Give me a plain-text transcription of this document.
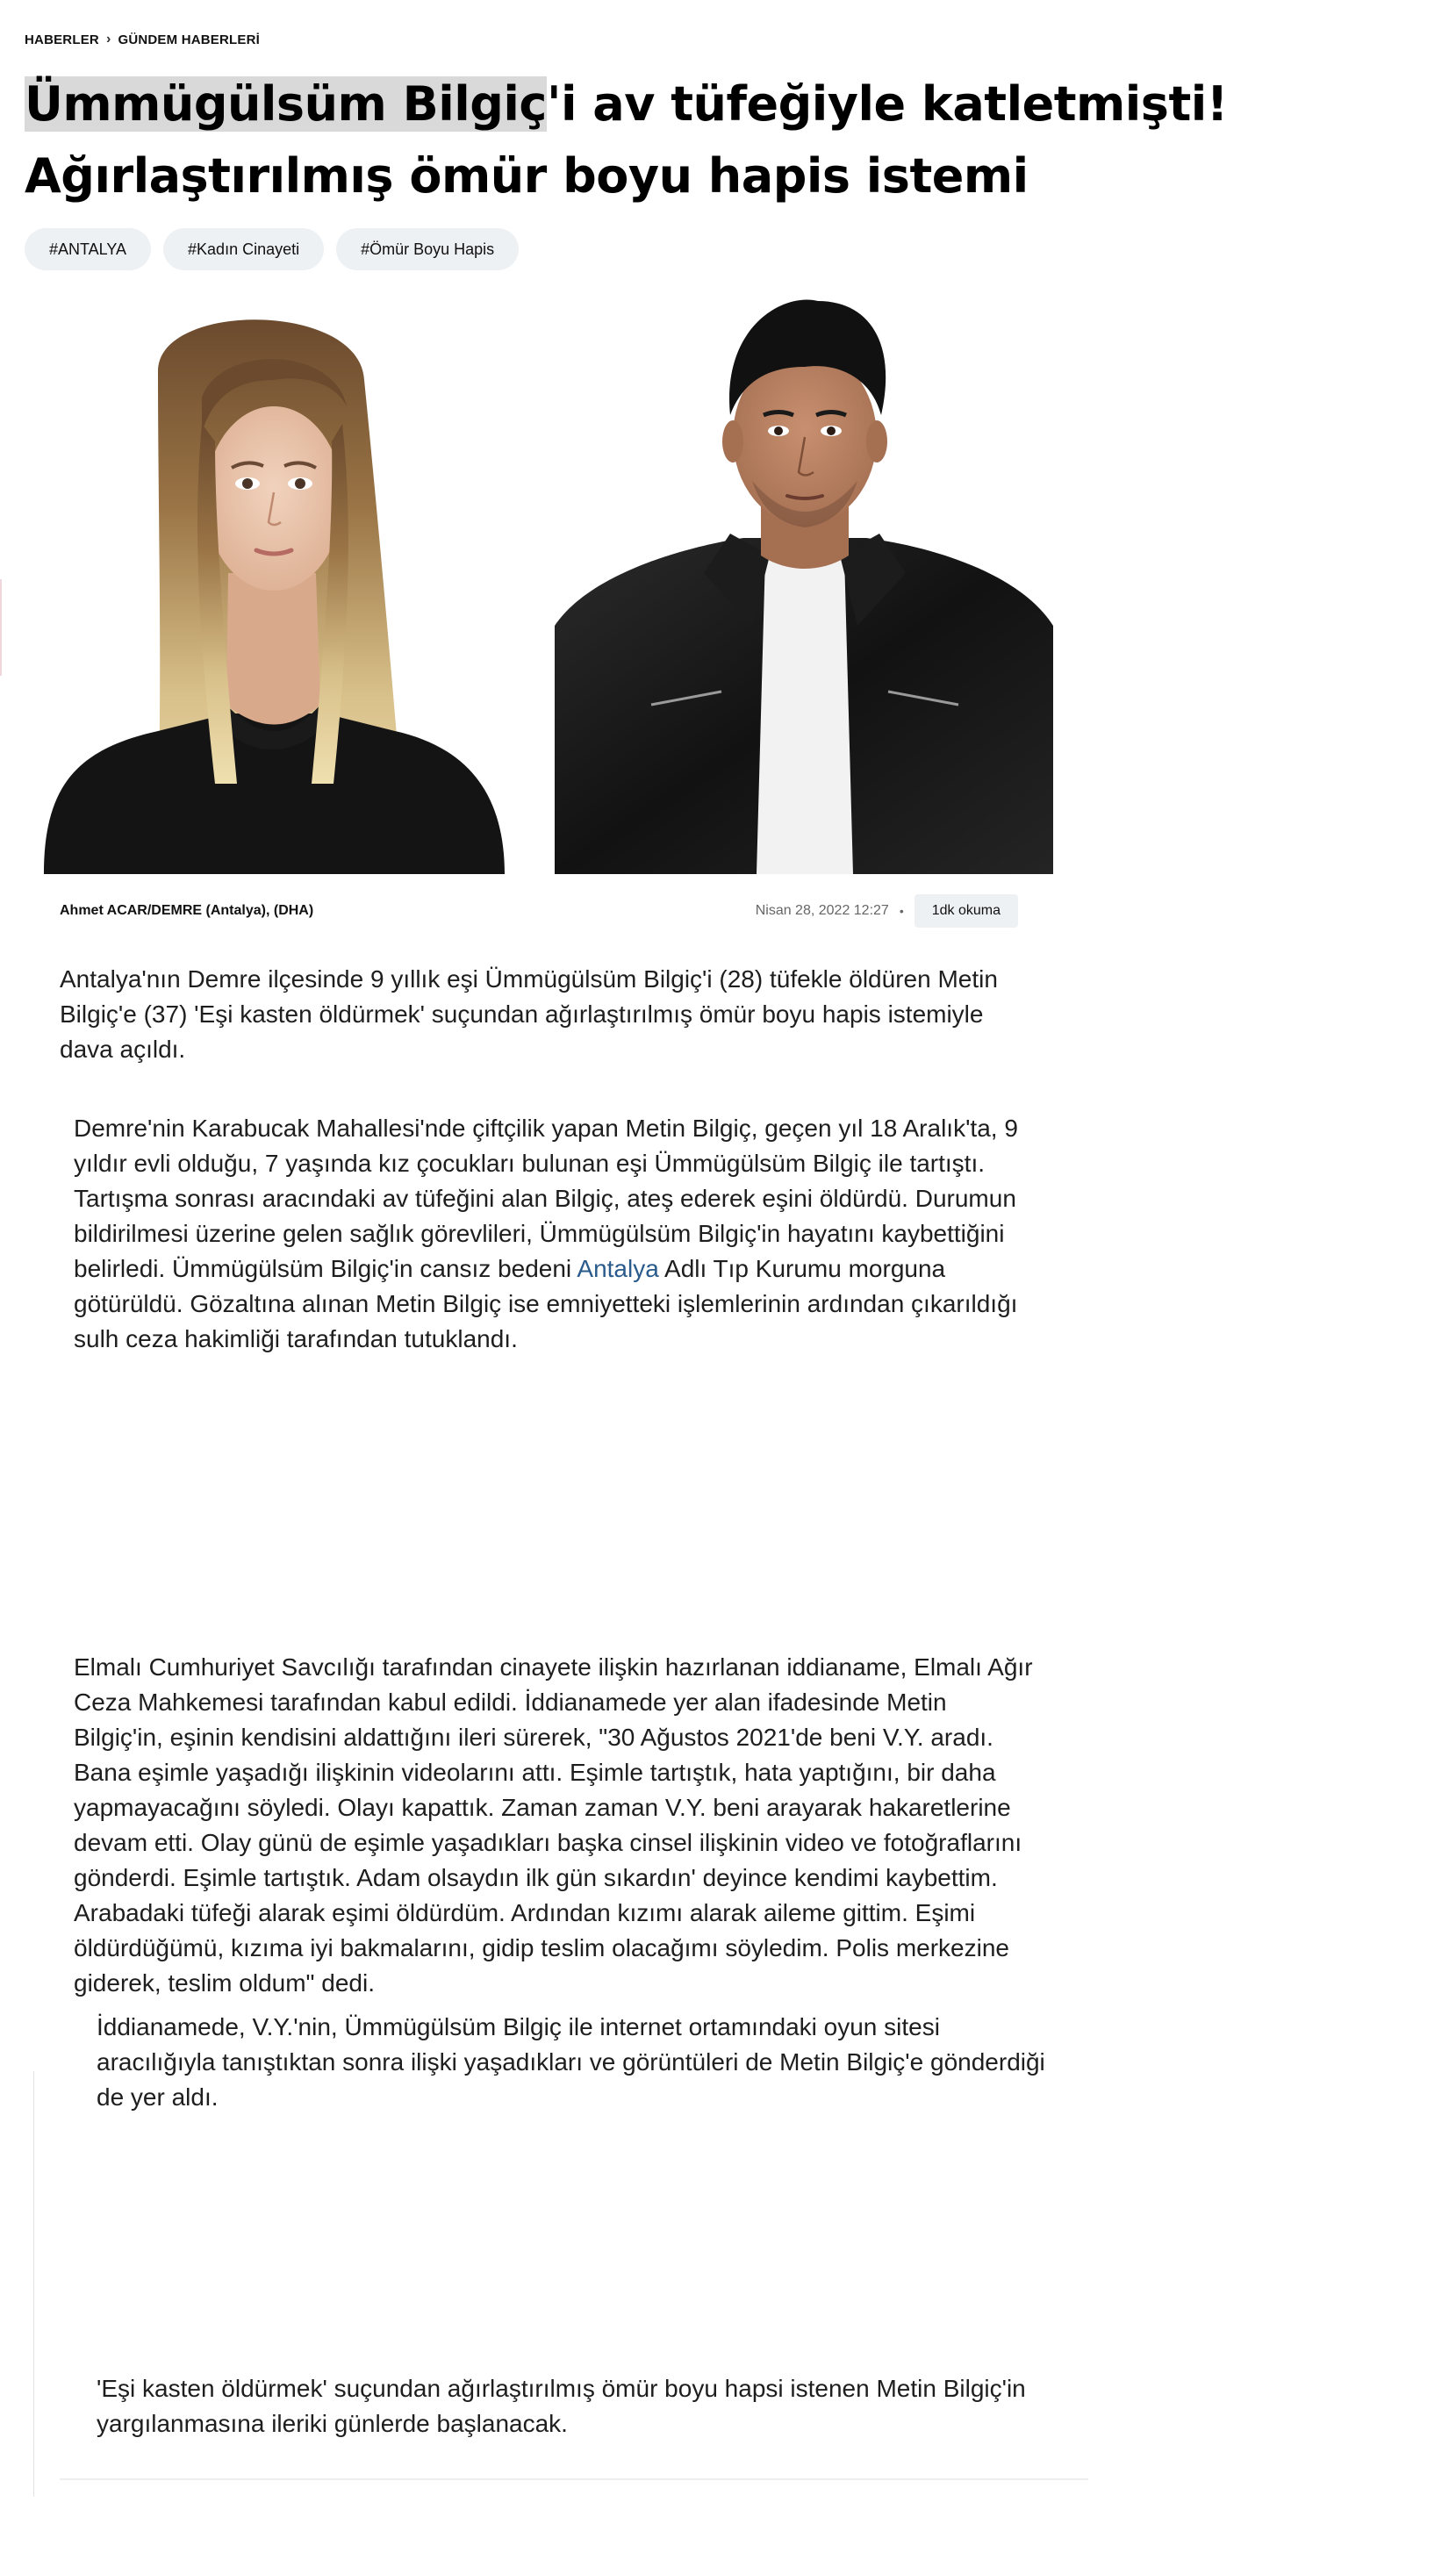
HABERLER › GÜNDEM HABERLERİ
Ümmügülsüm Bilgiç'i av tüfeğiyle katletmişti! Ağırlaştırılmış ömür boyu hapis istemi
#ANTALYA	#Kadın Cinayeti	#Ömür Boyu Hapis
Ahmet ACAR/DEMRE (Antalya), (DHA)	Nisan 28, 2022 12:27 •	1dk okuma

Antalya'nın Demre ilçesinde 9 yıllık eşi Ümmügülsüm Bilgiç'i (28) tüfekle öldüren Metin Bilgiç'e (37) 'Eşi kasten öldürmek' suçundan ağırlaştırılmış ömür boyu hapis istemiyle dava açıldı.

Demre'nin Karabucak Mahallesi'nde çiftçilik yapan Metin Bilgiç, geçen yıl 18 Aralık'ta, 9 yıldır evli olduğu, 7 yaşında kız çocukları bulunan eşi Ümmügülsüm Bilgiç ile tartıştı. Tartışma sonrası aracındaki av tüfeğini alan Bilgiç, ateş ederek eşini öldürdü. Durumun bildirilmesi üzerine gelen sağlık görevlileri, Ümmügülsüm Bilgiç'in hayatını kaybettiğini belirledi. Ümmügülsüm Bilgiç'in cansız bedeni Antalya Adlı Tıp Kurumu morguna götürüldü. Gözaltına alınan Metin Bilgiç ise emniyetteki işlemlerinin ardından çıkarıldığı sulh ceza hakimliği tarafından tutuklandı.

Elmalı Cumhuriyet Savcılığı tarafından cinayete ilişkin hazırlanan iddianame, Elmalı Ağır Ceza Mahkemesi tarafından kabul edildi. İddianamede yer alan ifadesinde Metin Bilgiç'in, eşinin kendisini aldattığını ileri sürerek, "30 Ağustos 2021'de beni V.Y. aradı. Bana eşimle yaşadığı ilişkinin videolarını attı. Eşimle tartıştık, hata yaptığını, bir daha yapmayacağını söyledi. Olayı kapattık. Zaman zaman V.Y. beni arayarak hakaretlerine devam etti. Olay günü de eşimle yaşadıkları başka cinsel ilişkinin video ve fotoğraflarını gönderdi. Eşimle tartıştık. Adam olsaydın ilk gün sıkardın' deyince kendimi kaybettim. Arabadaki tüfeği alarak eşimi öldürdüm. Ardından kızımı alarak aileme gittim. Eşimi öldürdüğümü, kızıma iyi bakmalarını, gidip teslim olacağımı söyledim. Polis merkezine giderek, teslim oldum" dedi.

İddianamede, V.Y.'nin, Ümmügülsüm Bilgiç ile internet ortamındaki oyun sitesi aracılığıyla tanıştıktan sonra ilişki yaşadıkları ve görüntüleri de Metin Bilgiç'e gönderdiği de yer aldı.

'Eşi kasten öldürmek' suçundan ağırlaştırılmış ömür boyu hapsi istenen Metin Bilgiç'in yargılanmasına ileriki günlerde başlanacak.
